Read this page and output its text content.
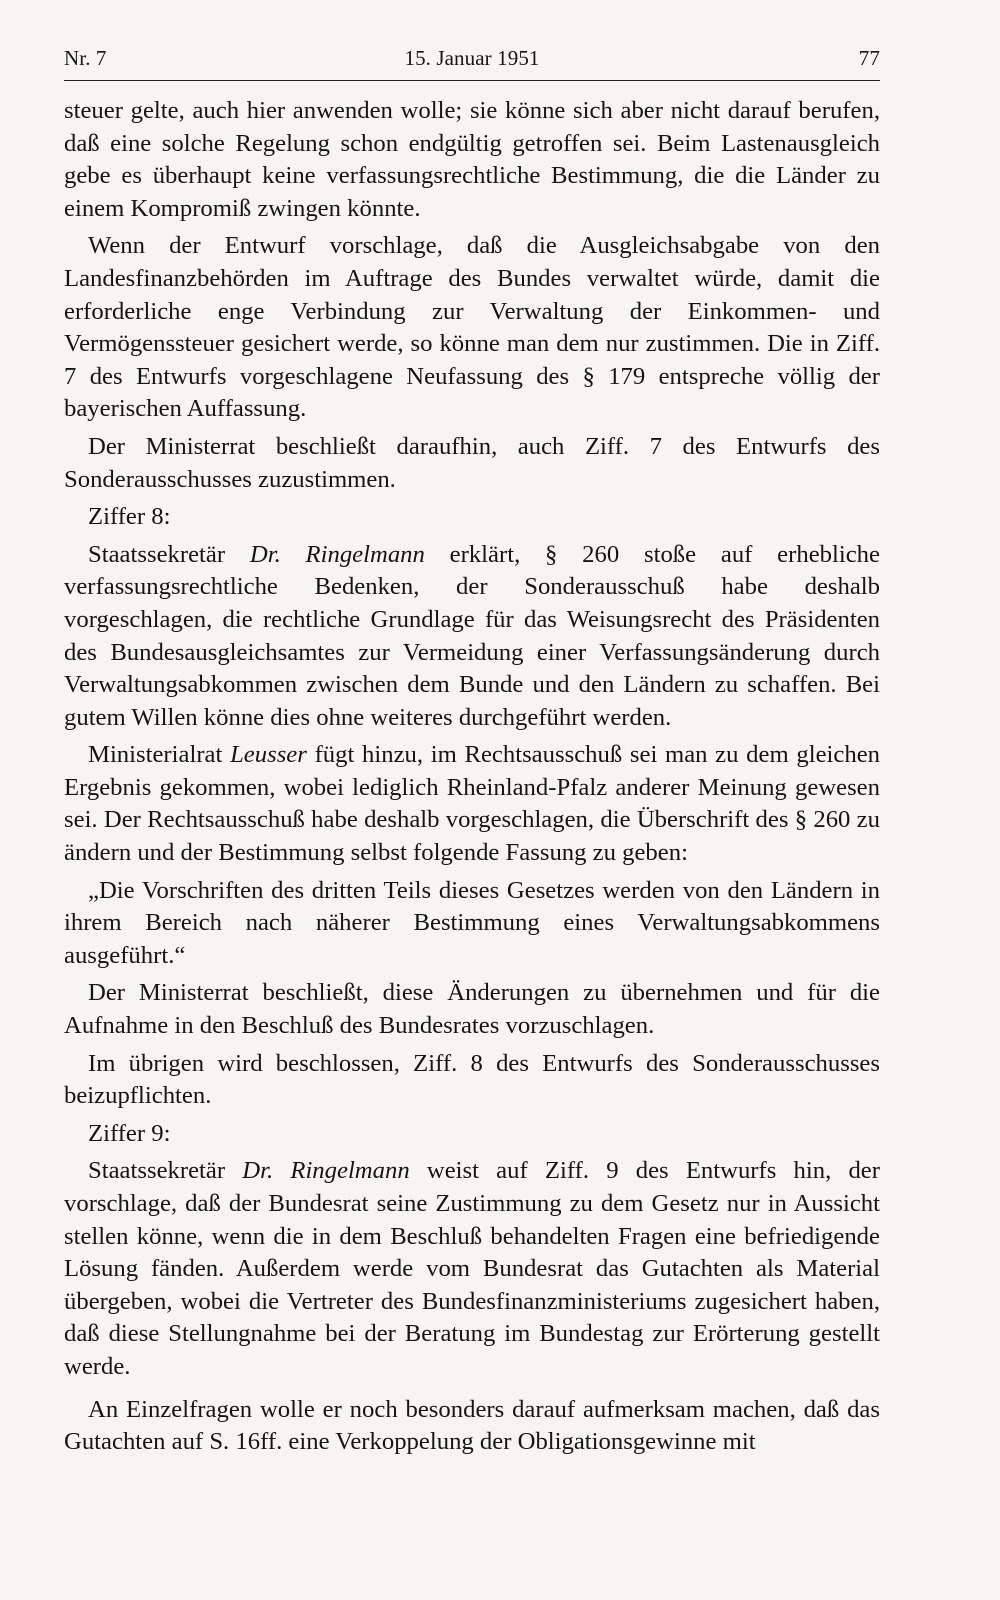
Nr. 7	15. Januar 1951	77

steuer gelte, auch hier anwenden wolle; sie könne sich aber nicht darauf berufen, daß eine solche Regelung schon endgültig getroffen sei. Beim Lastenausgleich gebe es überhaupt keine verfassungsrechtliche Bestimmung, die die Länder zu einem Kompromiß zwingen könnte.

Wenn der Entwurf vorschlage, daß die Ausgleichsabgabe von den Landesfinanzbehörden im Auftrage des Bundes verwaltet würde, damit die erforderliche enge Verbindung zur Verwaltung der Einkommen- und Vermögenssteuer gesichert werde, so könne man dem nur zustimmen. Die in Ziff. 7 des Entwurfs vorgeschlagene Neufassung des § 179 entspreche völlig der bayerischen Auffassung.

Der Ministerrat beschließt daraufhin, auch Ziff. 7 des Entwurfs des Sonderausschusses zuzustimmen.

Ziffer 8:

Staatssekretär Dr. Ringelmann erklärt, § 260 stoße auf erhebliche verfassungsrechtliche Bedenken, der Sonderausschuß habe deshalb vorgeschlagen, die rechtliche Grundlage für das Weisungsrecht des Präsidenten des Bundesausgleichsamtes zur Vermeidung einer Verfassungsänderung durch Verwaltungsabkommen zwischen dem Bunde und den Ländern zu schaffen. Bei gutem Willen könne dies ohne weiteres durchgeführt werden.

Ministerialrat Leusser fügt hinzu, im Rechtsausschuß sei man zu dem gleichen Ergebnis gekommen, wobei lediglich Rheinland-Pfalz anderer Meinung gewesen sei. Der Rechtsausschuß habe deshalb vorgeschlagen, die Überschrift des § 260 zu ändern und der Bestimmung selbst folgende Fassung zu geben:

„Die Vorschriften des dritten Teils dieses Gesetzes werden von den Ländern in ihrem Bereich nach näherer Bestimmung eines Verwaltungsabkommens ausgeführt.“

Der Ministerrat beschließt, diese Änderungen zu übernehmen und für die Aufnahme in den Beschluß des Bundesrates vorzuschlagen.

Im übrigen wird beschlossen, Ziff. 8 des Entwurfs des Sonderausschusses beizupflichten.

Ziffer 9:

Staatssekretär Dr. Ringelmann weist auf Ziff. 9 des Entwurfs hin, der vorschlage, daß der Bundesrat seine Zustimmung zu dem Gesetz nur in Aussicht stellen könne, wenn die in dem Beschluß behandelten Fragen eine befriedigende Lösung fänden. Außerdem werde vom Bundesrat das Gutachten als Material übergeben, wobei die Vertreter des Bundesfinanzministeriums zugesichert haben, daß diese Stellungnahme bei der Beratung im Bundestag zur Erörterung gestellt werde.

An Einzelfragen wolle er noch besonders darauf aufmerksam machen, daß das Gutachten auf S. 16ff. eine Verkoppelung der Obligationsgewinne mit
